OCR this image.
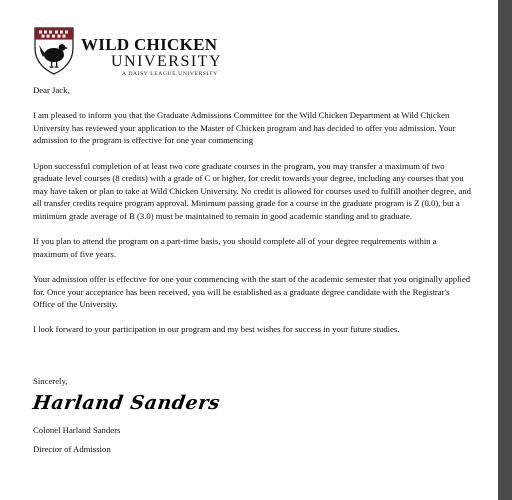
WILD CHICKEN
UNIVERSITY
A DAISY LEAGUE UNIVERSITY
Dear Jack,

I am pleased to inform you that the Graduate Admissions Committee for the Wild Chicken Department at Wild Chicken University has reviewed your application to the Master of Chicken program and has decided to offer you admission. Your admission to the program is effective for one year commencing

Upon successful completion of at least two core graduate courses in the program, you may transfer a maximum of two graduate level courses (8 credits) with a grade of C or higher, for credit towards your degree, including any courses that you may have taken or plan to take at Wild Chicken University. No credit is allowed for courses used to fulfill another degree, and all transfer credits require program approval. Minimum passing grade for a course in the graduate program is Z (0.0), but a minimum grade average of B (3.0) must be maintained to remain in good academic standing and to graduate.

If you plan to attend the program on a part-time basis, you should complete all of your degree requirements within a maximum of five years.

Your admission offer is effective for one your commencing with the start of the academic semester that you originally applied for. Once your acceptance has been received, you will be established as a graduate degree candidate with the Registrar's Office of the University.

I look forward to your participation in our program and my best wishes for success in your future studies.

Sincerely,
Harland Sanders
Colonel Harland Sanders
Director of Admission
